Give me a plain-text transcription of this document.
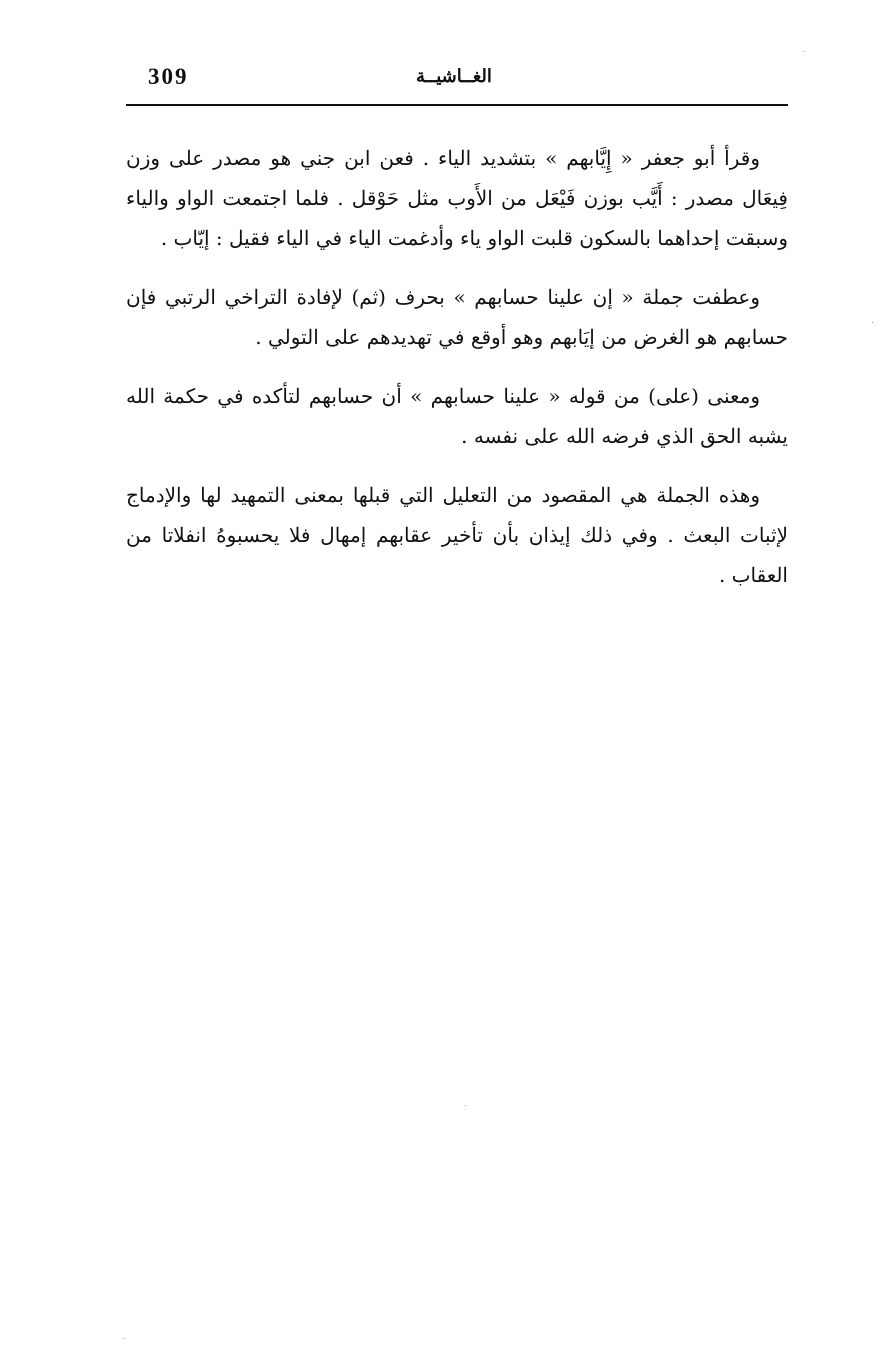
309	الغــاشيــة

وقرأ أبو جعفر « إِيَّابهم » بتشديد الياء . فعن ابن جني هو مصدر على وزن فِيعَال مصدر : أَيَّب بوزن فَيْعَل من الأَوب مثل حَوْقل . فلما اجتمعت الواو والياء وسبقت إحداهما بالسكون قلبت الواو ياء وأدغمت الياء في الياء فقيل : إيّاب .

وعطفت جملة « إن علينا حسابهم » بحرف (ثم) لإفادة التراخي الرتبي فإن حسابهم هو الغرض من إيَابهم وهو أوقع في تهديدهم على التولي .

ومعنى (على) من قوله « علينا حسابهم » أن حسابهم لتأكده في حكمة الله يشبه الحق الذي فرضه الله على نفسه .

وهذه الجملة هي المقصود من التعليل التي قبلها بمعنى التمهيد لها والإدماج لإثبات البعث . وفي ذلك إيذان بأن تأخير عقابهم إمهال فلا يحسبوهُ انفلاتا من العقاب .
